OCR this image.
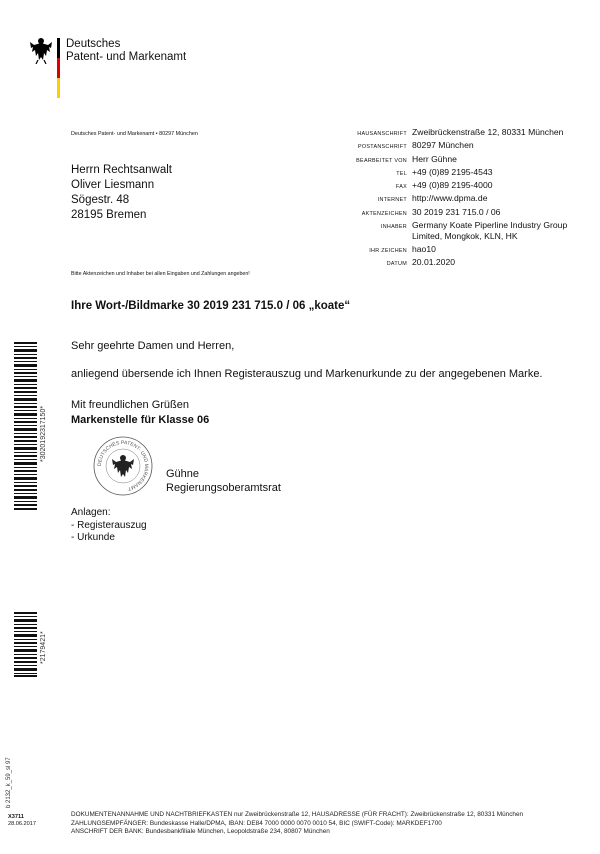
Deutsches
Patent- und Markenamt
Deutsches Patent- und Markenamt • 80297 München
Herrn Rechtsanwalt
Oliver Liesmann
Sögestr. 48
28195 Bremen
HAUSANSCHRIFT Zweibrückenstraße 12, 80331 München
POSTANSCHRIFT 80297 München
BEARBEITET VON Herr Gühne
TEL +49 (0)89 2195-4543
FAX +49 (0)89 2195-4000
INTERNET http://www.dpma.de
AKTENZEICHEN 30 2019 231 715.0 / 06
INHABER Germany Koate Piperline Industry Group Limited, Mongkok, KLN, HK
IHR ZEICHEN hao10
DATUM 20.01.2020
Bitte Aktenzeichen und Inhaber bei allen Eingaben und Zahlungen angeben!
Ihre Wort-/Bildmarke 30 2019 231 715.0 / 06 „koate“
Sehr geehrte Damen und Herren,
anliegend übersende ich Ihnen Registerauszug und Markenurkunde zu der angegebenen Marke.
Mit freundlichen Grüßen
Markenstelle für Klasse 06
DEUTSCHES PATENT- UND MARKENAMT
Gühne
Regierungsoberamtsrat
Anlagen:
- Registerauszug
- Urkunde
*3020192317150*
*2179421*
b 2132_k_59_sl 97
X3711
28.06.2017
DOKUMENTENANNAHME UND NACHTBRIEFKASTEN nur Zweibrückenstraße 12, HAUSADRESSE (FÜR FRACHT): Zweibrückenstraße 12, 80331 München
ZAHLUNGSEMPFÄNGER: Bundeskasse Halle/DPMA, IBAN: DE84 7000 0000 0070 0010 54, BIC (SWIFT-Code): MARKDEF1700
ANSCHRIFT DER BANK: Bundesbankfiliale München, Leopoldstraße 234, 80807 München
